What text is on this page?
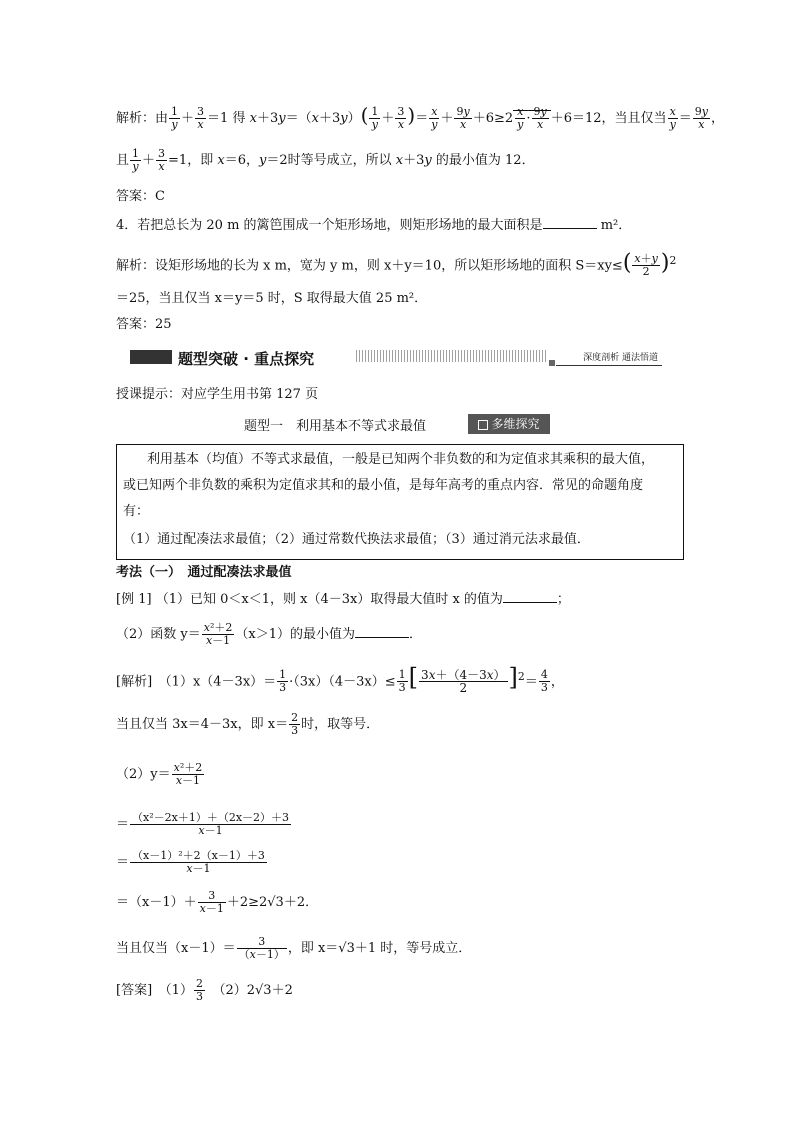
解析：由 $\frac{1}{y} + \frac{3}{x} =1$ 得 $x+3y=(x+3y)( \frac{1}{y} + \frac{3}{x}$ )＝ $\frac{x}{y} + \frac{9y}{x} +6\ge 2 \frac{x}{y} \cdot \frac{9y}{x} +6=12$，当且仅当 $\frac{x}{y} = \frac{9y}{x}$ ，
且 $\frac{1}{y} + \frac{3}{x} =1$，即 x＝6，y＝2时等号成立，所以 x＋3y 的最小值为 12．
答案：C
4．若把总长为 20 m 的篱笆围成一个矩形场地，则矩形场地的最大面积是	m²．
解析：设矩形场地的长为 x m，宽为 y m，则 x＋y＝10，所以矩形场地的面积 $S=xy\le( \frac{x+y}{2} )^2$
＝25，当且仅当 x＝y＝5 时，S 取得最大值 25 m²．
答案：25
题型突破 · 重点探究	深度剖析 通法悟道
授课提示：对应学生用书第 127 页
题型一　利用基本不等式求最值	多维探究
利用基本（均值）不等式求最值，一般是已知两个非负数的和为定值求其乘积的最大值，
或已知两个非负数的乘积为定值求其和的最小值，是每年高考的重点内容．常见的命题角度
有：
（1）通过配凑法求最值；（2）通过常数代换法求最值；（3）通过消元法求最值．
考法（一）　通过配凑法求最值
[例 1] （1）已知 0＜x＜1，则 x（4－3x）取得最大值时 x 的值为	；
（2）函数 $y= \frac{\text{x²＋2}}{x-1} (x>1)$的最小值为	．
[解析]　 $(1)x(4-3x)= \frac{1}{3} \cdot(3x)(4-3x)\le \frac{1}{3}$ [ $\frac{3x+(4-3x)}{2} ]^2= \frac{4}{3}$ ，
当且仅当 3x＝4－3x，即 $x= \frac{2}{3}$ 时，取等号．
$(2)y= \frac{\text{x²＋2}}{x-1}$
＝ $\frac{\text{（x²－2x＋1）＋（2x－2）＋3}}{x-1}$
＝ $\frac{\text{（x－1）²＋2（x－1）＋3}}{x-1}$
$=(x-1)+ \frac{3}{x-1} +2\ge 2√3+2$．
当且仅当$(x-1)= \frac{3}{(x-1)}$ ，即 x＝√3＋1 时，等号成立．
[答案]　 $(1) \frac{2}{3}$
　 （2）2√3＋2
